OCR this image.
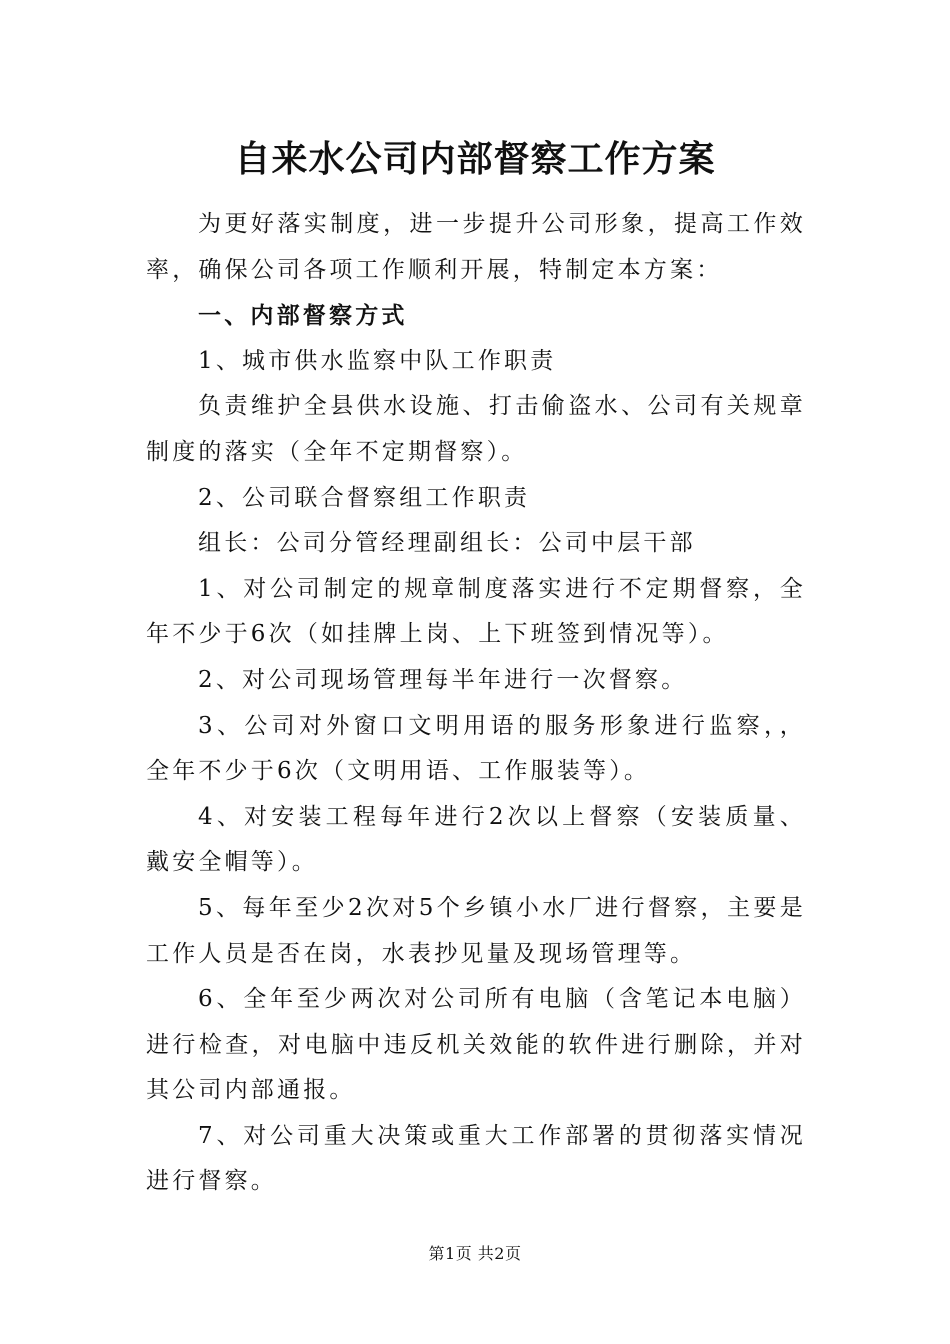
自来水公司内部督察工作方案

为更好落实制度，进一步提升公司形象，提高工作效率，确保公司各项工作顺利开展，特制定本方案：

一、内部督察方式

1、城市供水监察中队工作职责

负责维护全县供水设施、打击偷盗水、公司有关规章制度的落实（全年不定期督察）。

2、公司联合督察组工作职责

组长：公司分管经理副组长：公司中层干部

1、对公司制定的规章制度落实进行不定期督察，全年不少于6次（如挂牌上岗、上下班签到情况等）。

2、对公司现场管理每半年进行一次督察。

3、公司对外窗口文明用语的服务形象进行监察，，全年不少于6次（文明用语、工作服装等）。

4、对安装工程每年进行2次以上督察（安装质量、戴安全帽等）。

5、每年至少2次对5个乡镇小水厂进行督察，主要是工作人员是否在岗，水表抄见量及现场管理等。

6、全年至少两次对公司所有电脑（含笔记本电脑）进行检查，对电脑中违反机关效能的软件进行删除，并对其公司内部通报。

7、对公司重大决策或重大工作部署的贯彻落实情况进行督察。

第1页 共2页
